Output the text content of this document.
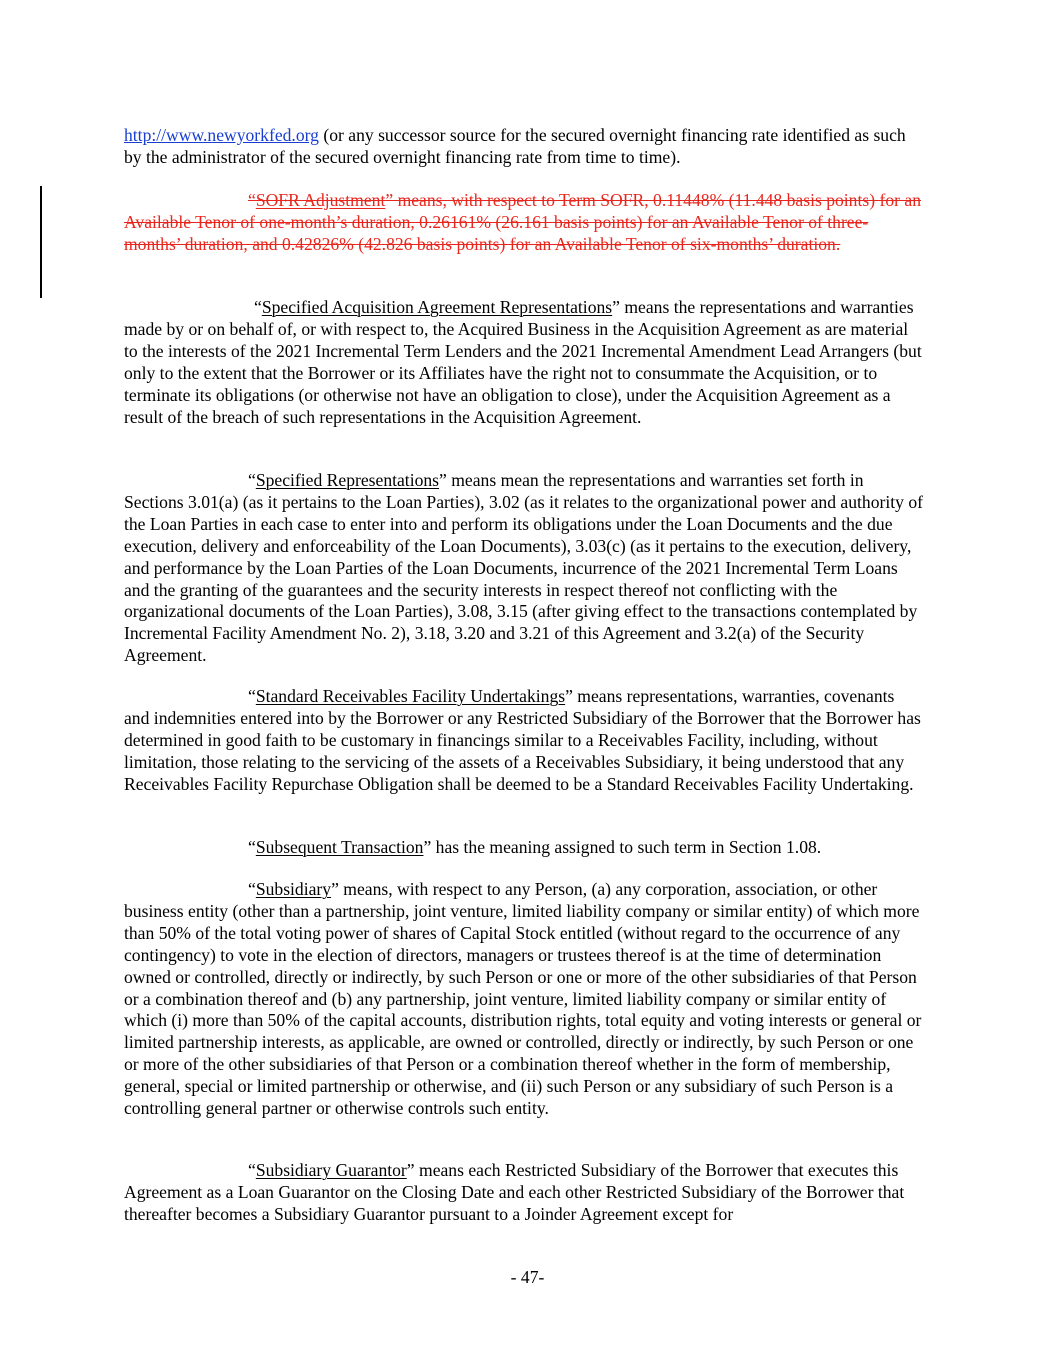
http://www.newyorkfed.org (or any successor source for the secured overnight financing rate identified as such by the administrator of the secured overnight financing rate from time to time).

“SOFR Adjustment” means, with respect to Term SOFR, 0.11448% (11.448 basis points) for an Available Tenor of one-month’s duration, 0.26161% (26.161 basis points) for an Available Tenor of three-months’ duration, and 0.42826% (42.826 basis points) for an Available Tenor of six-months’ duration.

“Specified Acquisition Agreement Representations” means the representations and warranties made by or on behalf of, or with respect to, the Acquired Business in the Acquisition Agreement as are material to the interests of the 2021 Incremental Term Lenders and the 2021 Incremental Amendment Lead Arrangers (but only to the extent that the Borrower or its Affiliates have the right not to consummate the Acquisition, or to terminate its obligations (or otherwise not have an obligation to close), under the Acquisition Agreement as a result of the breach of such representations in the Acquisition Agreement.

“Specified Representations” means mean the representations and warranties set forth in Sections 3.01(a) (as it pertains to the Loan Parties), 3.02 (as it relates to the organizational power and authority of the Loan Parties in each case to enter into and perform its obligations under the Loan Documents and the due execution, delivery and enforceability of the Loan Documents), 3.03(c) (as it pertains to the execution, delivery, and performance by the Loan Parties of the Loan Documents, incurrence of the 2021 Incremental Term Loans and the granting of the guarantees and the security interests in respect thereof not conflicting with the organizational documents of the Loan Parties), 3.08, 3.15 (after giving effect to the transactions contemplated by Incremental Facility Amendment No. 2), 3.18, 3.20 and 3.21 of this Agreement and 3.2(a) of the Security Agreement.

“Standard Receivables Facility Undertakings” means representations, warranties, covenants and indemnities entered into by the Borrower or any Restricted Subsidiary of the Borrower that the Borrower has determined in good faith to be customary in financings similar to a Receivables Facility, including, without limitation, those relating to the servicing of the assets of a Receivables Subsidiary, it being understood that any Receivables Facility Repurchase Obligation shall be deemed to be a Standard Receivables Facility Undertaking.

“Subsequent Transaction” has the meaning assigned to such term in Section 1.08.

“Subsidiary” means, with respect to any Person, (a) any corporation, association, or other business entity (other than a partnership, joint venture, limited liability company or similar entity) of which more than 50% of the total voting power of shares of Capital Stock entitled (without regard to the occurrence of any contingency) to vote in the election of directors, managers or trustees thereof is at the time of determination owned or controlled, directly or indirectly, by such Person or one or more of the other subsidiaries of that Person or a combination thereof and (b) any partnership, joint venture, limited liability company or similar entity of which (i) more than 50% of the capital accounts, distribution rights, total equity and voting interests or general or limited partnership interests, as applicable, are owned or controlled, directly or indirectly, by such Person or one or more of the other subsidiaries of that Person or a combination thereof whether in the form of membership, general, special or limited partnership or otherwise, and (ii) such Person or any subsidiary of such Person is a controlling general partner or otherwise controls such entity.

“Subsidiary Guarantor” means each Restricted Subsidiary of the Borrower that executes this Agreement as a Loan Guarantor on the Closing Date and each other Restricted Subsidiary of the Borrower that thereafter becomes a Subsidiary Guarantor pursuant to a Joinder Agreement except for

- 47-
